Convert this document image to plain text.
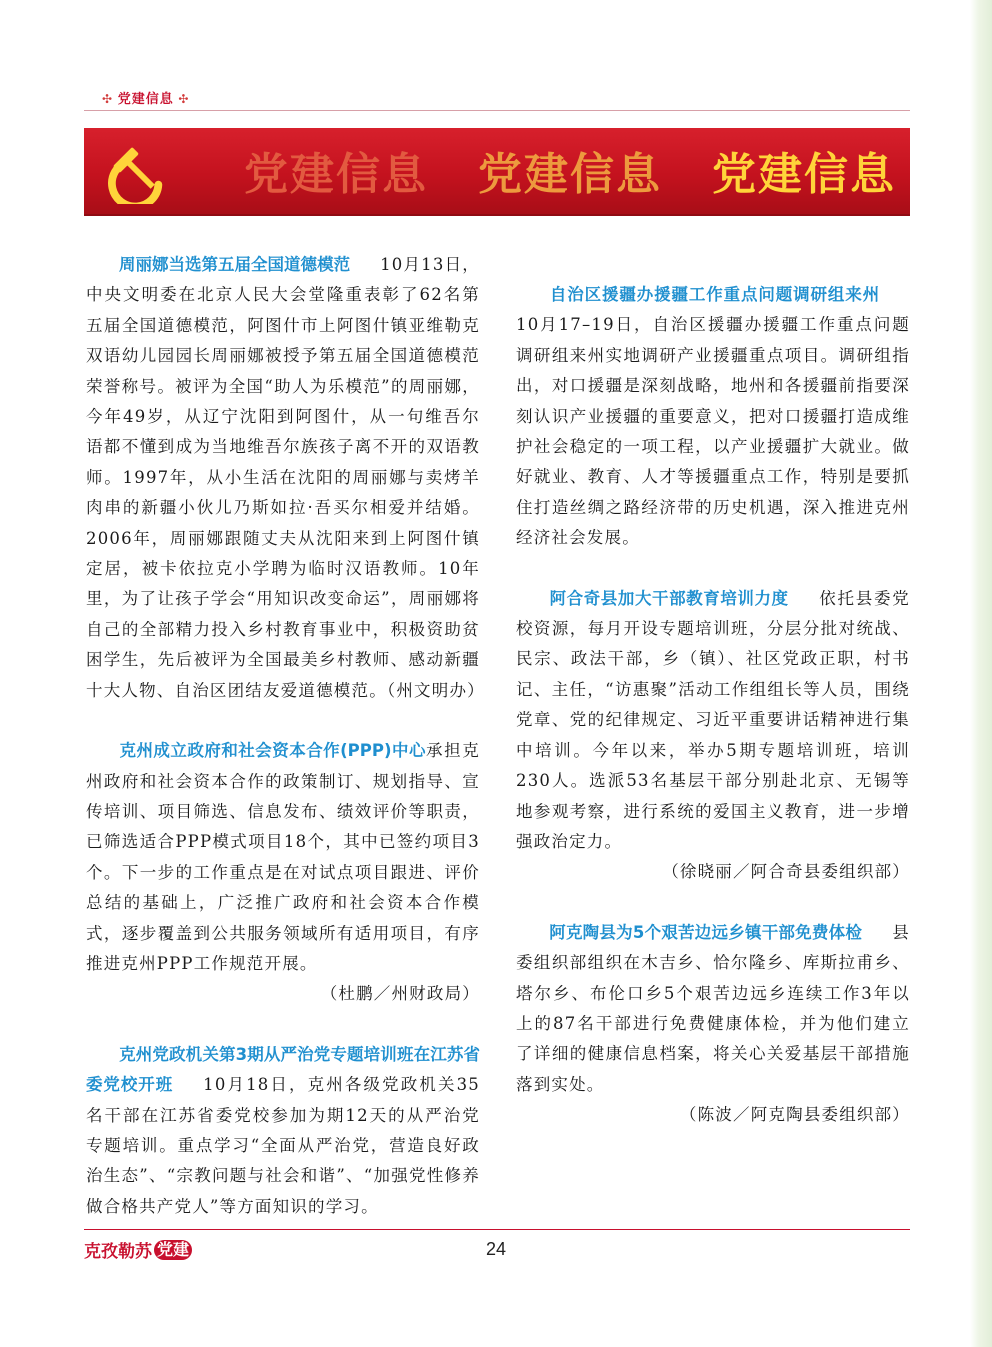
✣ 党建信息 ✣
党建信息 党建信息 党建信息

周丽娜当选第五届全国道德模范 10月13日，中央文明委在北京人民大会堂隆重表彰了62名第五届全国道德模范，阿图什市上阿图什镇亚维勒克双语幼儿园园长周丽娜被授予第五届全国道德模范荣誉称号。被评为全国“助人为乐模范”的周丽娜，今年49岁，从辽宁沈阳到阿图什，从一句维吾尔语都不懂到成为当地维吾尔族孩子离不开的双语教师。1997年，从小生活在沈阳的周丽娜与卖烤羊肉串的新疆小伙儿乃斯如拉·吾买尔相爱并结婚。2006年，周丽娜跟随丈夫从沈阳来到上阿图什镇定居，被卡依拉克小学聘为临时汉语教师。10年里，为了让孩子学会“用知识改变命运”，周丽娜将自己的全部精力投入乡村教育事业中，积极资助贫困学生，先后被评为全国最美乡村教师、感动新疆十大人物、自治区团结友爱道德模范。（州文明办）

克州成立政府和社会资本合作(PPP)中心承担克州政府和社会资本合作的政策制订、规划指导、宣传培训、项目筛选、信息发布、绩效评价等职责，已筛选适合PPP模式项目18个，其中已签约项目3个。下一步的工作重点是在对试点项目跟进、评价总结的基础上，广泛推广政府和社会资本合作模式，逐步覆盖到公共服务领域所有适用项目，有序推进克州PPP工作规范开展。

（杜鹏／州财政局）

克州党政机关第3期从严治党专题培训班在江苏省委党校开班 10月18日，克州各级党政机关35名干部在江苏省委党校参加为期12天的从严治党专题培训。重点学习“全面从严治党，营造良好政治生态”、“宗教问题与社会和谐”、“加强党性修养做合格共产党人”等方面知识的学习。

自治区援疆办援疆工作重点问题调研组来州10月17–19日，自治区援疆办援疆工作重点问题调研组来州实地调研产业援疆重点项目。调研组指出，对口援疆是深刻战略，地州和各援疆前指要深刻认识产业援疆的重要意义，把对口援疆打造成维护社会稳定的一项工程，以产业援疆扩大就业。做好就业、教育、人才等援疆重点工作，特别是要抓住打造丝绸之路经济带的历史机遇，深入推进克州经济社会发展。

阿合奇县加大干部教育培训力度 依托县委党校资源，每月开设专题培训班，分层分批对统战、民宗、政法干部，乡（镇）、社区党政正职，村书记、主任，“访惠聚”活动工作组组长等人员，围绕党章、党的纪律规定、习近平重要讲话精神进行集中培训。今年以来，举办5期专题培训班，培训230人。选派53名基层干部分别赴北京、无锡等地参观考察，进行系统的爱国主义教育，进一步增强政治定力。

（徐晓丽／阿合奇县委组织部）

阿克陶县为5个艰苦边远乡镇干部免费体检 县委组织部组织在木吉乡、恰尔隆乡、库斯拉甫乡、塔尔乡、布伦口乡5个艰苦边远乡连续工作3年以上的87名干部进行免费健康体检，并为他们建立了详细的健康信息档案，将关心关爱基层干部措施落到实处。

（陈波／阿克陶县委组织部）

克孜勒苏 党建	24
